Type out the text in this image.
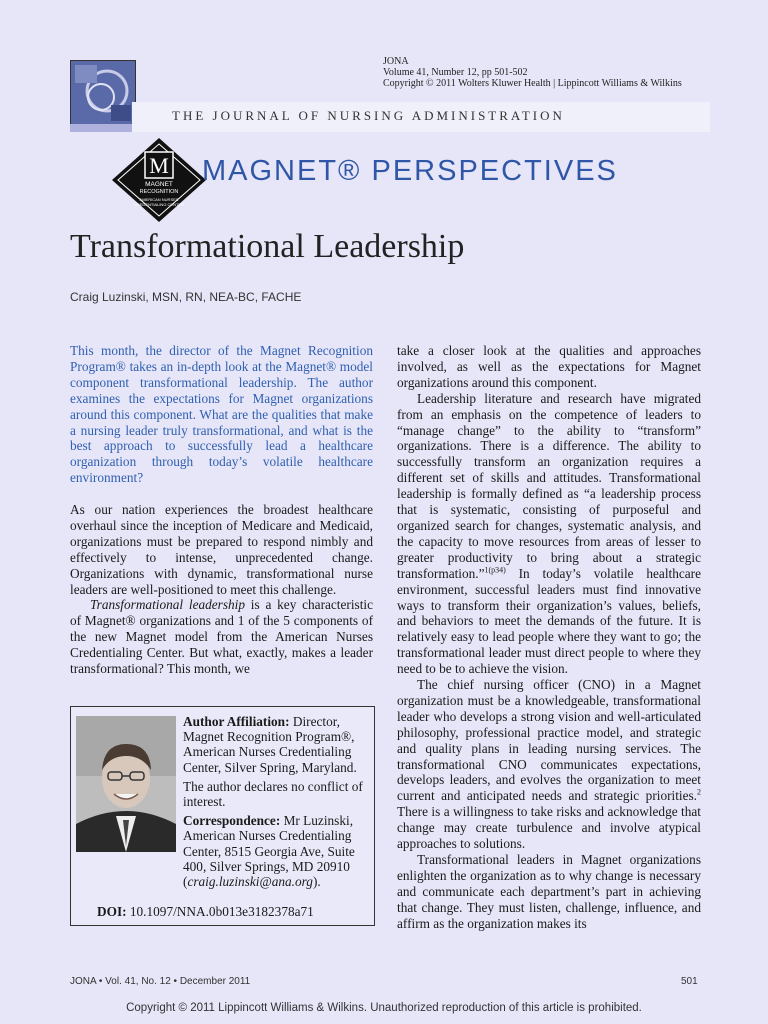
JONA
Volume 41, Number 12, pp 501-502
Copyright © 2011 Wolters Kluwer Health | Lippincott Williams & Wilkins
THE JOURNAL OF NURSING ADMINISTRATION
M
MAGNET
RECOGNITION
AMERICAN NURSES
CREDENTIALING CENTER
MAGNET® PERSPECTIVES
Transformational Leadership
Craig Luzinski, MSN, RN, NEA-BC, FACHE

This month, the director of the Magnet Recognition Program® takes an in-depth look at the Magnet® model component transformational leadership. The author examines the expectations for Magnet organizations around this component. What are the qualities that make a nursing leader truly transformational, and what is the best approach to successfully lead a healthcare organization through today’s volatile healthcare environment?

As our nation experiences the broadest healthcare overhaul since the inception of Medicare and Medicaid, organizations must be prepared to respond nimbly and effectively to intense, unprecedented change. Organizations with dynamic, transformational nurse leaders are well-positioned to meet this challenge.

Transformational leadership is a key characteristic of Magnet® organizations and 1 of the 5 components of the new Magnet model from the American Nurses Credentialing Center. But what, exactly, makes a leader transformational? This month, we

take a closer look at the qualities and approaches involved, as well as the expectations for Magnet organizations around this component.

Leadership literature and research have migrated from an emphasis on the competence of leaders to “manage change” to the ability to “transform” organizations. There is a difference. The ability to successfully transform an organization requires a different set of skills and attitudes. Transformational leadership is formally defined as “a leadership process that is systematic, consisting of purposeful and organized search for changes, systematic analysis, and the capacity to move resources from areas of lesser to greater productivity to bring about a strategic transformation.”$^{1(p34)}$ In today’s volatile healthcare environment, successful leaders must find innovative ways to transform their organization’s values, beliefs, and behaviors to meet the demands of the future. It is relatively easy to lead people where they want to go; the transformational leader must direct people to where they need to be to achieve the vision.

The chief nursing officer (CNO) in a Magnet organization must be a knowledgeable, transformational leader who develops a strong vision and well-articulated philosophy, professional practice model, and strategic and quality plans in leading nursing services. The transformational CNO communicates expectations, develops leaders, and evolves the organization to meet current and anticipated needs and strategic priorities.$^2$ There is a willingness to take risks and acknowledge that change may create turbulence and involve atypical approaches to solutions.

Transformational leaders in Magnet organizations enlighten the organization as to why change is necessary and communicate each department’s part in achieving that change. They must listen, challenge, influence, and affirm as the organization makes its

Author Affiliation: Director, Magnet Recognition Program®, American Nurses Credentialing Center, Silver Spring, Maryland.

The author declares no conflict of interest.

Correspondence: Mr Luzinski, American Nurses Credentialing Center, 8515 Georgia Ave, Suite 400, Silver Springs, MD 20910 (craig.luzinski@ana.org).

DOI: 10.1097/NNA.0b013e3182378a71
JONA • Vol. 41, No. 12 • December 2011	501
Copyright © 2011 Lippincott Williams & Wilkins. Unauthorized reproduction of this article is prohibited.
